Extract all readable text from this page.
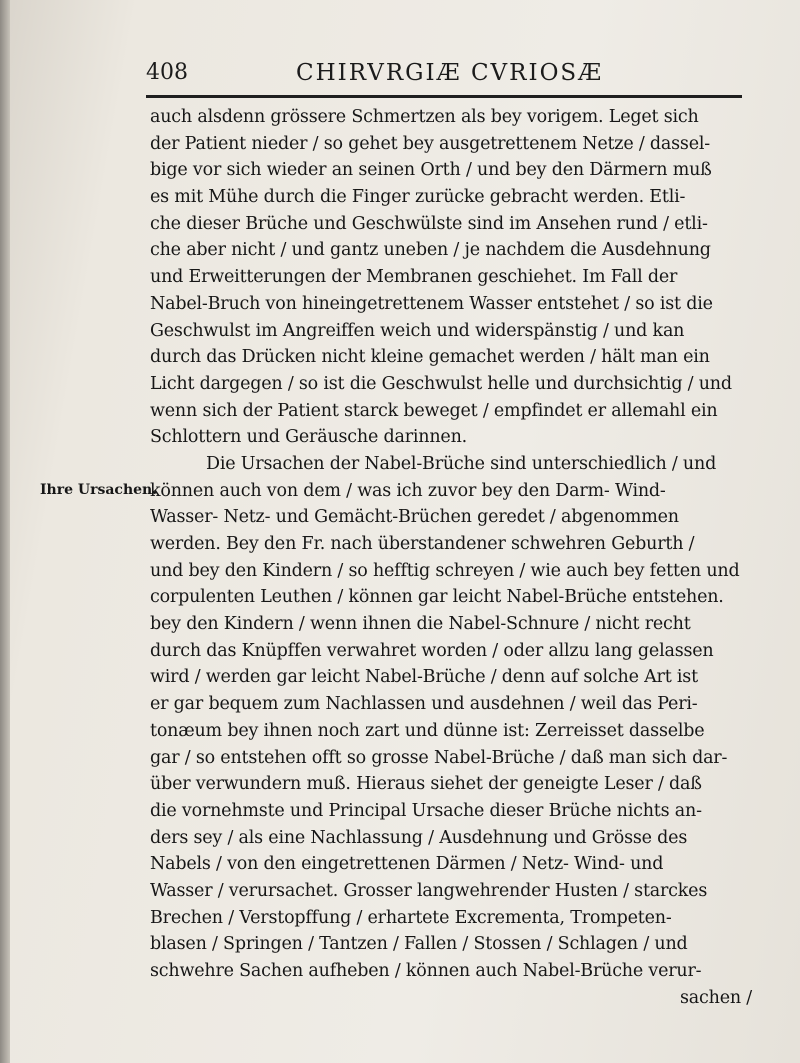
408	CHIRVRGIÆ CVRIOSÆ
Ihre Ursachen.
auch alsdenn grössere Schmertzen als bey vorigem. Leget sich
der Patient nieder / so gehet bey ausgetrettenem Netze / dassel-
bige vor sich wieder an seinen Orth / und bey den Därmern muß
es mit Mühe durch die Finger zurücke gebracht werden. Etli-
che dieser Brüche und Geschwülste sind im Ansehen rund / etli-
che aber nicht / und gantz uneben / je nachdem die Ausdehnung
und Erweitterungen der Membranen geschiehet. Im Fall der
Nabel-Bruch von hineingetrettenem Wasser entstehet / so ist die
Geschwulst im Angreiffen weich und widerspänstig / und kan
durch das Drücken nicht kleine gemachet werden / hält man ein
Licht dargegen / so ist die Geschwulst helle und durchsichtig / und
wenn sich der Patient starck beweget / empfindet er allemahl ein
Schlottern und Geräusche darinnen.
Die Ursachen der Nabel-Brüche sind unterschiedlich / und
können auch von dem / was ich zuvor bey den Darm- Wind-
Wasser- Netz- und Gemächt-Brüchen geredet / abgenommen
werden. Bey den Fr. nach überstandener schwehren Geburth /
und bey den Kindern / so hefftig schreyen / wie auch bey fetten und
corpulenten Leuthen / können gar leicht Nabel-Brüche entstehen.
bey den Kindern / wenn ihnen die Nabel-Schnure / nicht recht
durch das Knüpffen verwahret worden / oder allzu lang gelassen
wird / werden gar leicht Nabel-Brüche / denn auf solche Art ist
er gar bequem zum Nachlassen und ausdehnen / weil das Peri-
tonæum bey ihnen noch zart und dünne ist: Zerreisset dasselbe
gar / so entstehen offt so grosse Nabel-Brüche / daß man sich dar-
über verwundern muß. Hieraus siehet der geneigte Leser / daß
die vornehmste und Principal Ursache dieser Brüche nichts an-
ders sey / als eine Nachlassung / Ausdehnung und Grösse des
Nabels / von den eingetrettenen Därmen / Netz- Wind- und
Wasser / verursachet. Grosser langwehrender Husten / starckes
Brechen / Verstopffung / erhartete Excrementa, Trompeten-
blasen / Springen / Tantzen / Fallen / Stossen / Schlagen / und
schwehre Sachen aufheben / können auch Nabel-Brüche verur-
sachen /
